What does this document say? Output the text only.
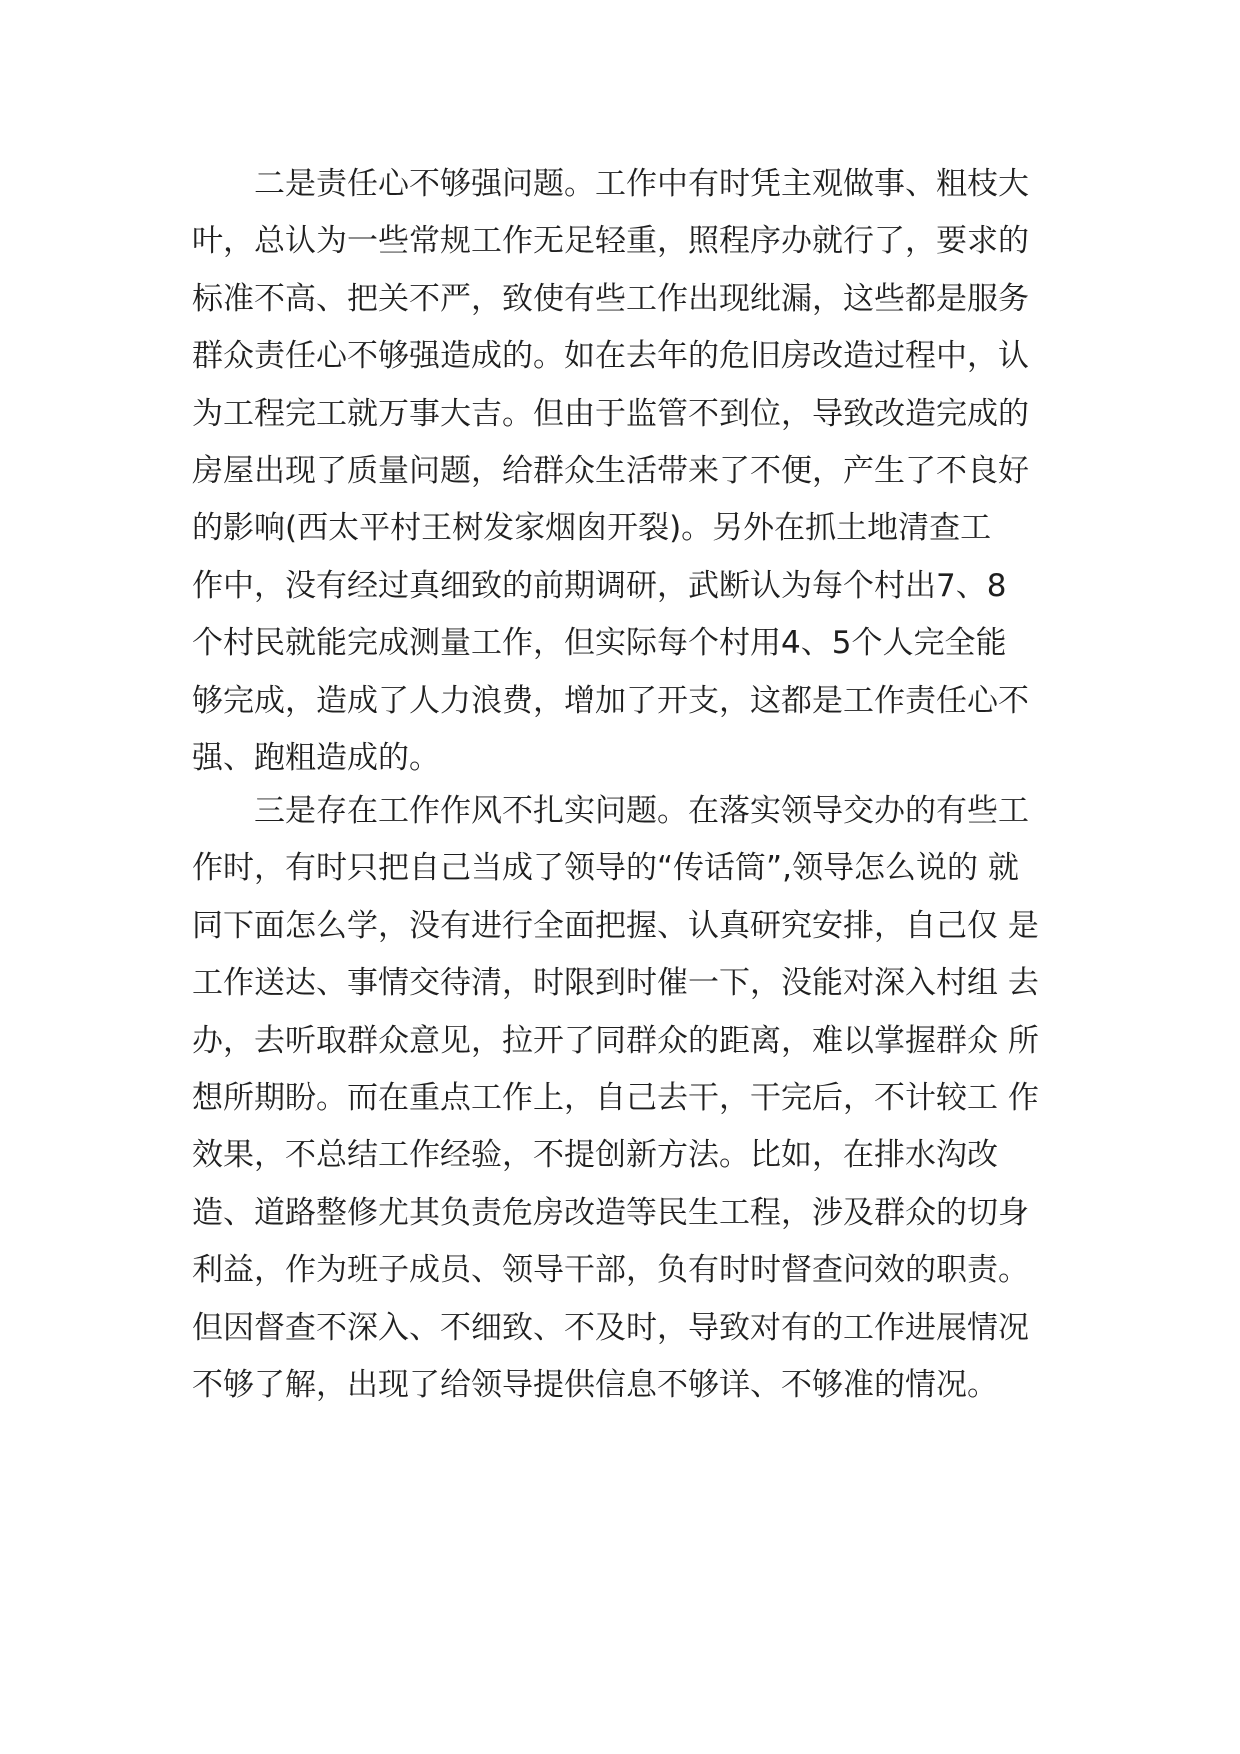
　　二是责任心不够强问题。工作中有时凭主观做事、粗枝大
叶，总认为一些常规工作无足轻重，照程序办就行了，要求的
标准不高、把关不严，致使有些工作出现纰漏，这些都是服务
群众责任心不够强造成的。如在去年的危旧房改造过程中，认
为工程完工就万事大吉。但由于监管不到位，导致改造完成的
房屋出现了质量问题，给群众生活带来了不便，产生了不良好
的影响(西太平村王树发家烟囱开裂)。另外在抓土地清查工
作中，没有经过真细致的前期调研，武断认为每个村出7、8
个村民就能完成测量工作，但实际每个村用4、5个人完全能
够完成，造成了人力浪费，增加了开支，这都是工作责任心不
强、跑粗造成的。
　　三是存在工作作风不扎实问题。在落实领导交办的有些工
作时，有时只把自己当成了领导的“传话筒”,领导怎么说的 就
同下面怎么学，没有进行全面把握、认真研究安排，自己仅 是
工作送达、事情交待清，时限到时催一下，没能对深入村组 去
办，去听取群众意见，拉开了同群众的距离，难以掌握群众 所
想所期盼。而在重点工作上，自己去干，干完后，不计较工 作
效果，不总结工作经验，不提创新方法。比如，在排水沟改
造、道路整修尤其负责危房改造等民生工程，涉及群众的切身
利益，作为班子成员、领导干部，负有时时督查问效的职责。
但因督查不深入、不细致、不及时，导致对有的工作进展情况
不够了解，出现了给领导提供信息不够详、不够准的情况。
